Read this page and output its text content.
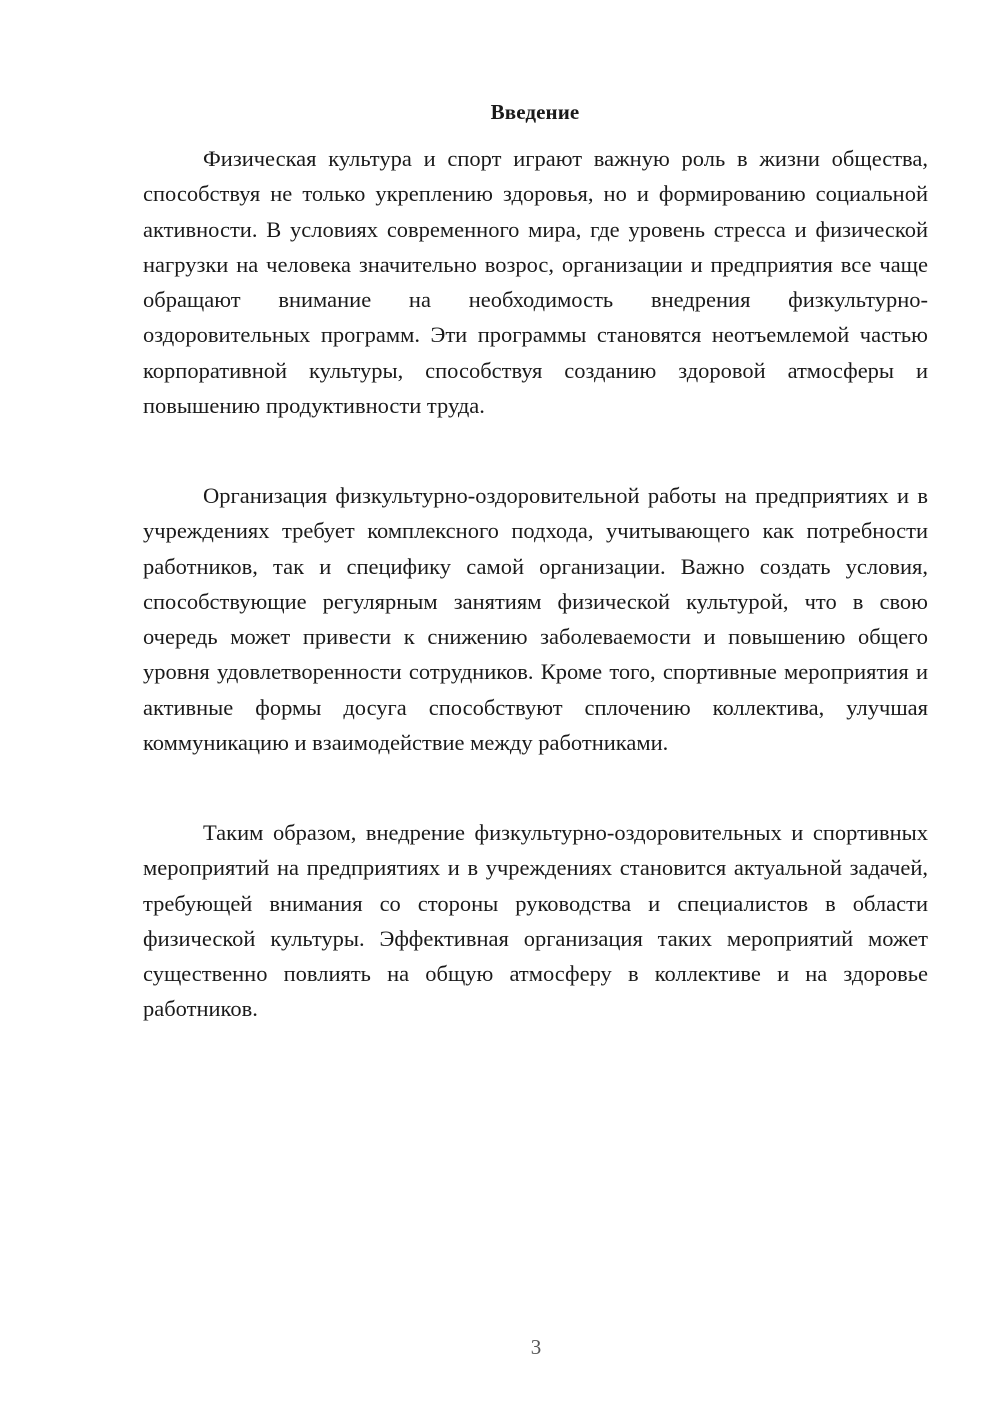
Введение

Физическая культура и спорт играют важную роль в жизни общества, способствуя не только укреплению здоровья, но и формированию социальной активности. В условиях современного мира, где уровень стресса и физической нагрузки на человека значительно возрос, организации и предприятия все чаще обращают внимание на необходимость внедрения физкультурно-оздоровительных программ. Эти программы становятся неотъемлемой частью корпоративной культуры, способствуя созданию здоровой атмосферы и повышению продуктивности труда.

Организация физкультурно-оздоровительной работы на предприятиях и в учреждениях требует комплексного подхода, учитывающего как потребности работников, так и специфику самой организации. Важно создать условия, способствующие регулярным занятиям физической культурой, что в свою очередь может привести к снижению заболеваемости и повышению общего уровня удовлетворенности сотрудников. Кроме того, спортивные мероприятия и активные формы досуга способствуют сплочению коллектива, улучшая коммуникацию и взаимодействие между работниками.

Таким образом, внедрение физкультурно-оздоровительных и спортивных мероприятий на предприятиях и в учреждениях становится актуальной задачей, требующей внимания со стороны руководства и специалистов в области физической культуры. Эффективная организация таких мероприятий может существенно повлиять на общую атмосферу в коллективе и на здоровье работников.

3
